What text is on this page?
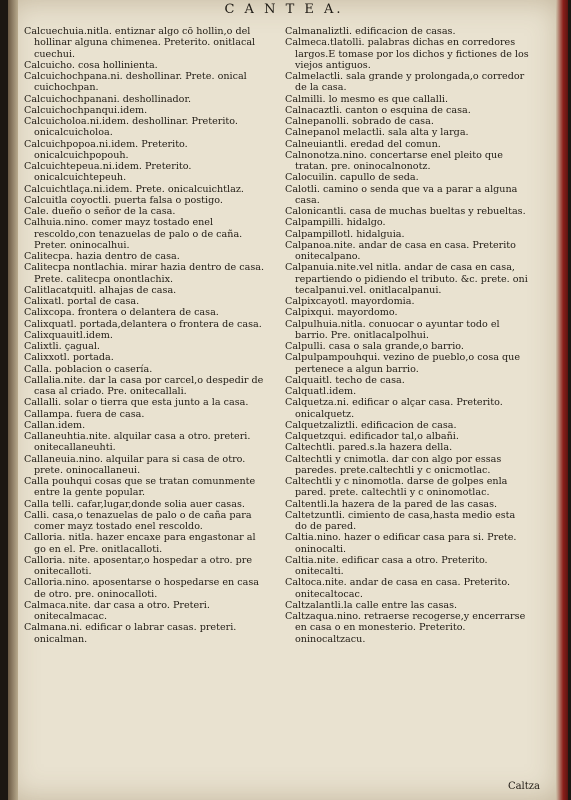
C A N T E A.

Calcuechuia.nitla. entiznar algo cō hollin,o del hollinar alguna chimenea. Preterito. onitlacal cuechui.

Calcuicho. cosa hollinienta.

Calcuichochpana.ni. deshollinar. Prete. onical cuichochpan.

Calcuichochpanani. deshollinador.

Calcuichochpanqui.idem.

Calcuicholoa.ni.idem. deshollinar. Preterito. onicalcuicholoa.

Calcuichpopoa.ni.idem. Preterito. onicalcuichpopouh.

Calcuichtepeua.ni.idem. Preterito. onicalcuichtepeuh.

Calcuichtlaça.ni.idem. Prete. onicalcuichtlaz.

Calcuitla coyoctli. puerta falsa o postigo.

Cale. dueño o señor de la casa.

Calhuia.nino. comer mayz tostado enel rescoldo,con tenazuelas de palo o de caña. Preter. oninocalhui.

Calitecpa. hazia dentro de casa.

Calitecpa nontlachia. mirar hazia dentro de casa. Prete. calitecpa onontlachix.

Calitlacatquitl. alhajas de casa.

Calixatl. portal de casa.

Calixcopa. frontera o delantera de casa.

Calixquatl. portada,delantera o frontera de casa.

Calixquauitl.idem.

Calixtli. çagual.

Calixxotl. portada.

Calla. poblacion o casería.

Callalia.nite. dar la casa por carcel,o despedir de casa al criado. Pre. onitecallali.

Callalli. solar o tierra que esta junto a la casa.

Callampa. fuera de casa.

Callan.idem.

Callaneuhtia.nite. alquilar casa a otro. preteri. onitecallaneuhti.

Callaneuia.nino. alquilar para si casa de otro. prete. oninocallaneui.

Calla pouhqui cosas que se tratan comunmente entre la gente popular.

Calla telli. cafar,lugar,donde solia auer casas.

Calli. casa,o tenazuelas de palo o de caña para comer mayz tostado enel rescoldo.

Calloria. nitla. hazer encaxe para engastonar al go en el. Pre. onitlacalloti.

Calloria. nite. aposentar,o hospedar a otro. pre onitecalloti.

Calloria.nino. aposentarse o hospedarse en casa de otro. pre. oninocalloti.

Calmaca.nite. dar casa a otro. Preteri. onitecalmacac.

Calmana.ni. edificar o labrar casas. preteri. onicalman.

Calmanaliztli. edificacion de casas.

Calmeca.tlatolli. palabras dichas en corredores largos.E tomase por los dichos y fictiones de los viejos antiguos.

Calmelactli. sala grande y prolongada,o corredor de la casa.

Calmilli. lo mesmo es que callalli.

Calnacaztli. canton o esquina de casa.

Calnepanolli. sobrado de casa.

Calnepanol melactli. sala alta y larga.

Calneuiantli. eredad del comun.

Calnonotza.nino. concertarse enel pleito que tratan. pre. oninocalnonotz.

Calocuilin. capullo de seda.

Calotli. camino o senda que va a parar a alguna casa.

Calonicantli. casa de muchas bueltas y rebueltas.

Calpampilli. hidalgo.

Calpampillotl. hidalguia.

Calpanoa.nite. andar de casa en casa. Preterito onitecalpano.

Calpanuia.nite.vel nitla. andar de casa en casa, repartiendo o pidiendo el tributo. &c. prete. oni tecalpanui.vel. onitlacalpanui.

Calpixcayotl. mayordomia.

Calpixqui. mayordomo.

Calpulhuia.nitla. conuocar o ayuntar todo el barrio. Pre. onitlacalpolhui.

Calpulli. casa o sala grande,o barrio.

Calpulpampouhqui. vezino de pueblo,o cosa que pertenece a algun barrio.

Calquaitl. techo de casa.

Calquatl.idem.

Calquetza.ni. edificar o alçar casa. Preterito. onicalquetz.

Calquetzaliztli. edificacion de casa.

Calquetzqui. edificador tal,o albañi.

Caltechtli. pared.s.la hazera della.

Caltechtli y cnimotla. dar con algo por essas paredes. prete.caltechtli y c onicmotlac.

Caltechtli y c ninomotla. darse de golpes enla pared. prete. caltechtli y c oninomotlac.

Caltentli.la hazera de la pared de las casas.

Caltetzuntli. cimiento de casa,hasta medio esta do de pared.

Caltia.nino. hazer o edificar casa para si. Prete. oninocalti.

Caltia.nite. edificar casa a otro. Preterito. onitecalti.

Caltoca.nite. andar de casa en casa. Preterito. onitecaltocac.

Caltzalantli.la calle entre las casas.

Caltzaqua.nino. retraerse recogerse,y encerrarse en casa o en monesterio. Preterito. oninocaltzacu.

Caltza
